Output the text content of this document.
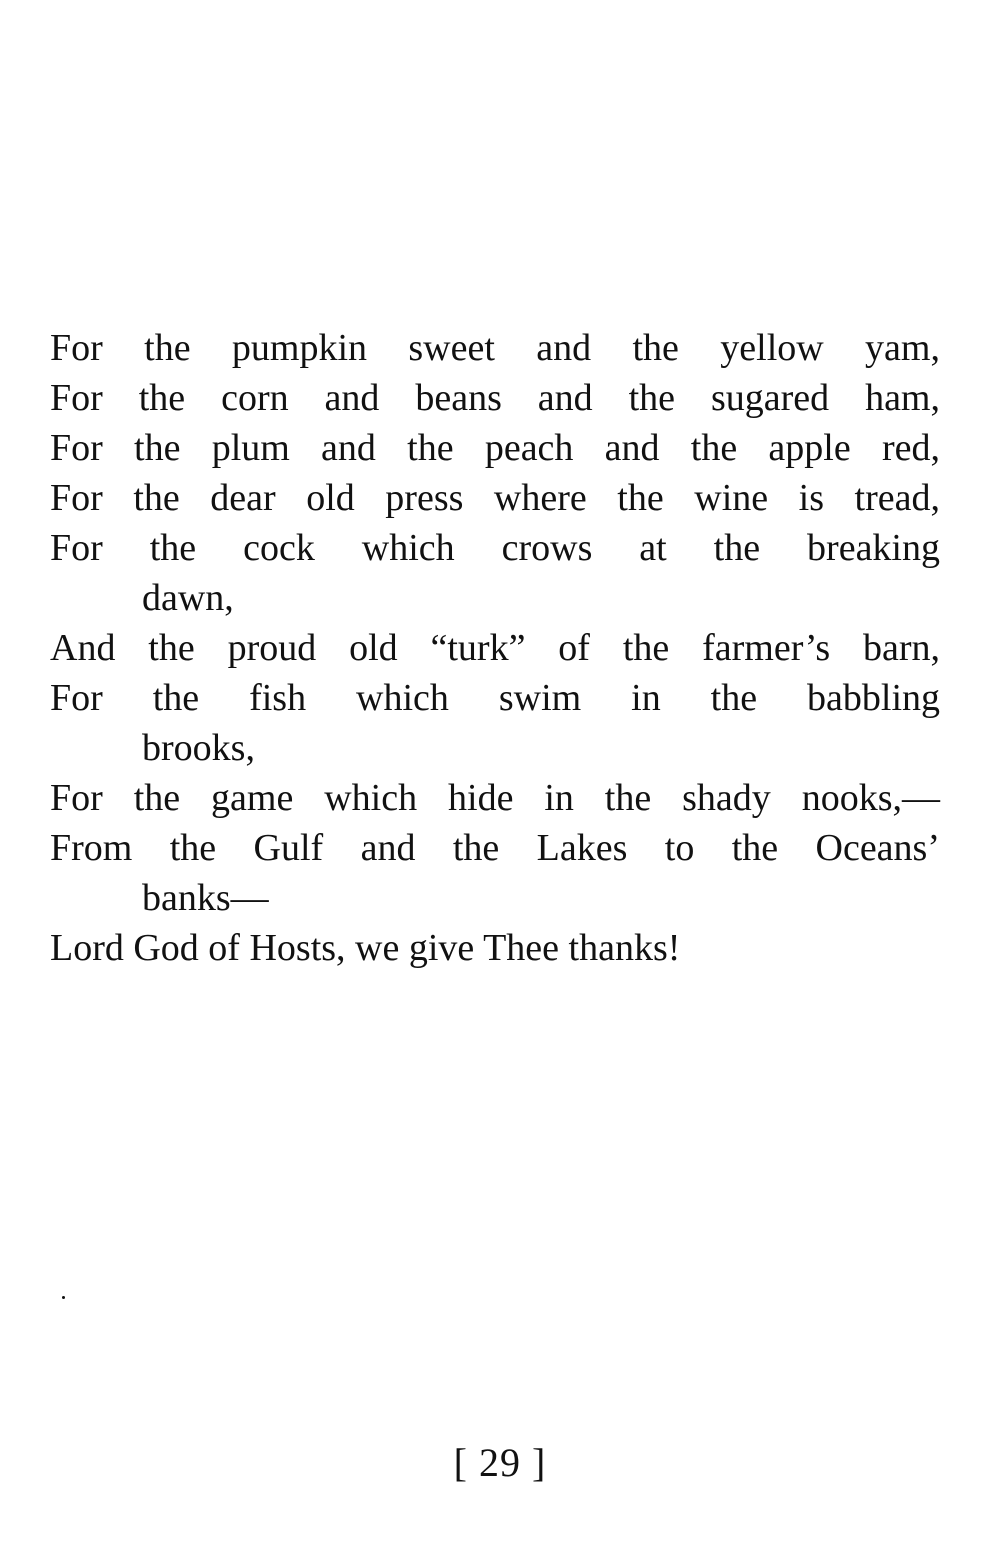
For the pumpkin sweet and the yellow yam,
For the corn and beans and the sugared ham,
For the plum and the peach and the apple red,
For the dear old press where the wine is tread,
For the cock which crows at the breaking
dawn,
And the proud old “turk” of the farmer’s barn,
For the fish which swim in the babbling
brooks,
For the game which hide in the shady nooks,—
From the Gulf and the Lakes to the Oceans’
banks—
Lord God of Hosts, we give Thee thanks!
[ 29 ]
